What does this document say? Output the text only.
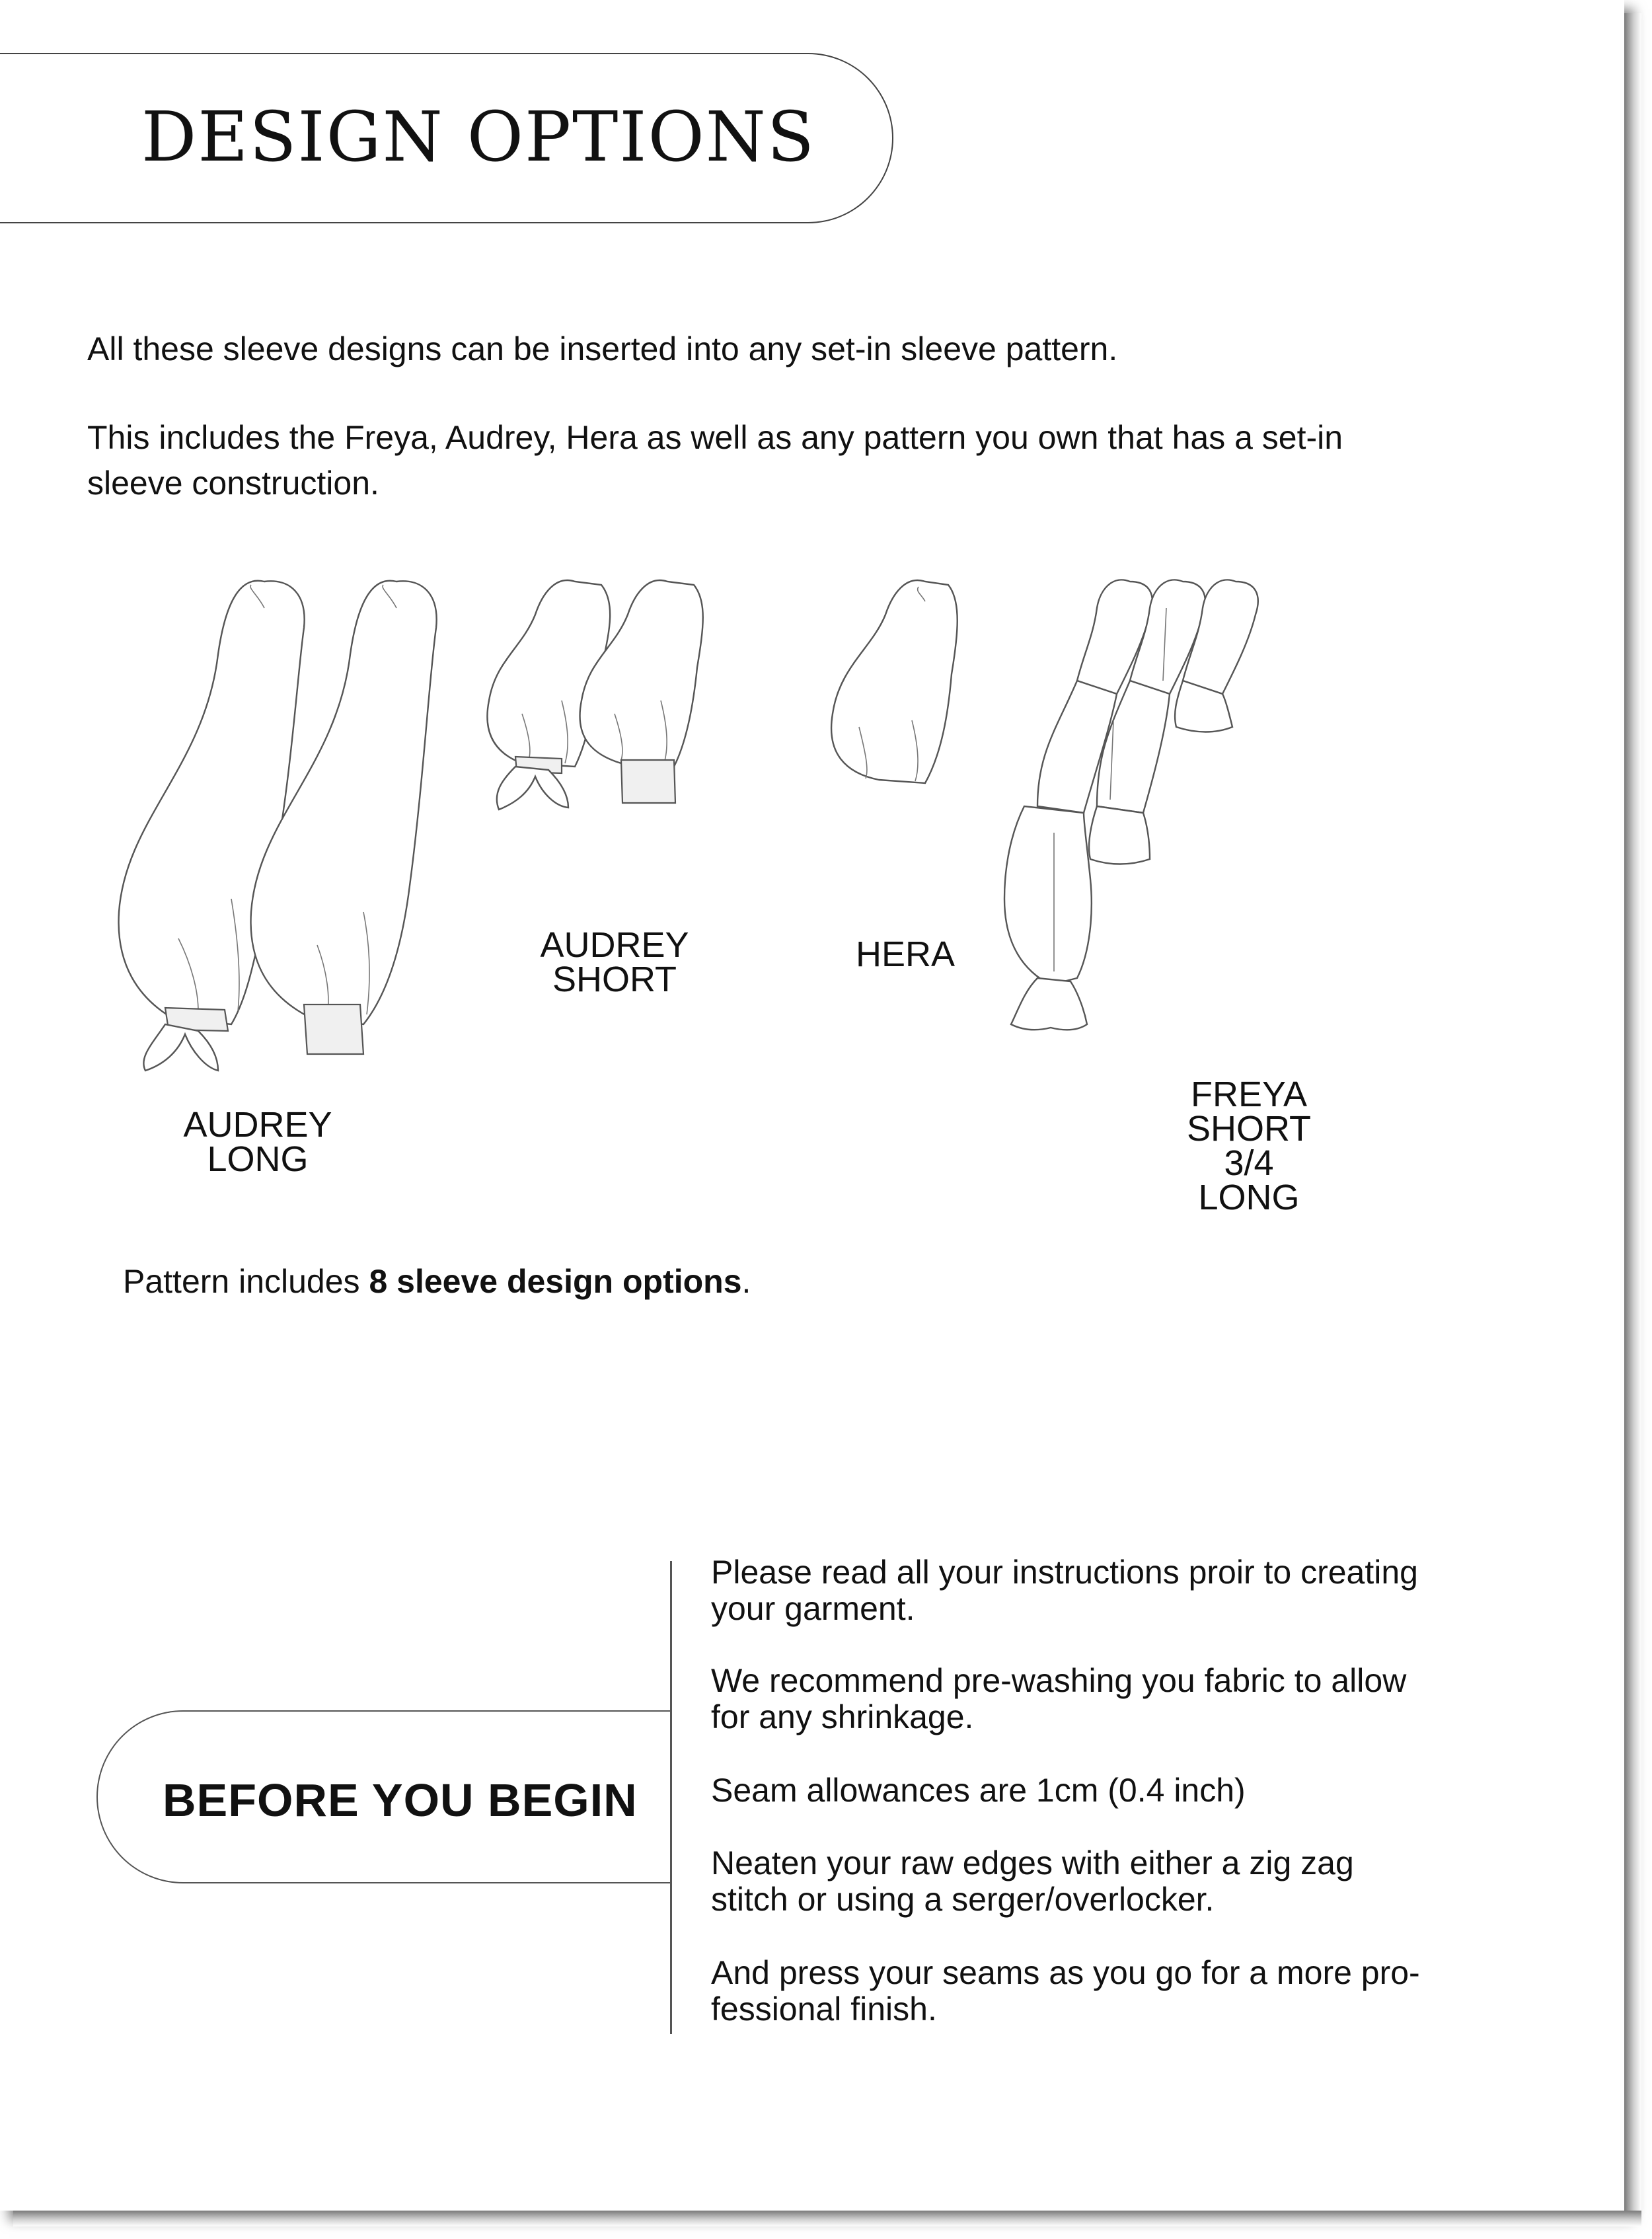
DESIGN OPTIONS
All these sleeve designs can be inserted into any set-in sleeve pattern.
This includes the Freya, Audrey, Hera as well as any pattern you own that has a set-in
sleeve construction.
AUDREY
LONG
AUDREY
SHORT
HERA
FREYA
SHORT
3/4
LONG
Pattern includes 8 sleeve design options.
BEFORE YOU BEGIN

Please read all your instructions proir to creating

your garment.

We recommend pre-washing you fabric to allow

for any shrinkage.

Seam allowances are 1cm (0.4 inch)

Neaten your raw edges with either a zig zag

stitch or using a serger/overlocker.

And press your seams as you go for a more pro-

fessional finish.
